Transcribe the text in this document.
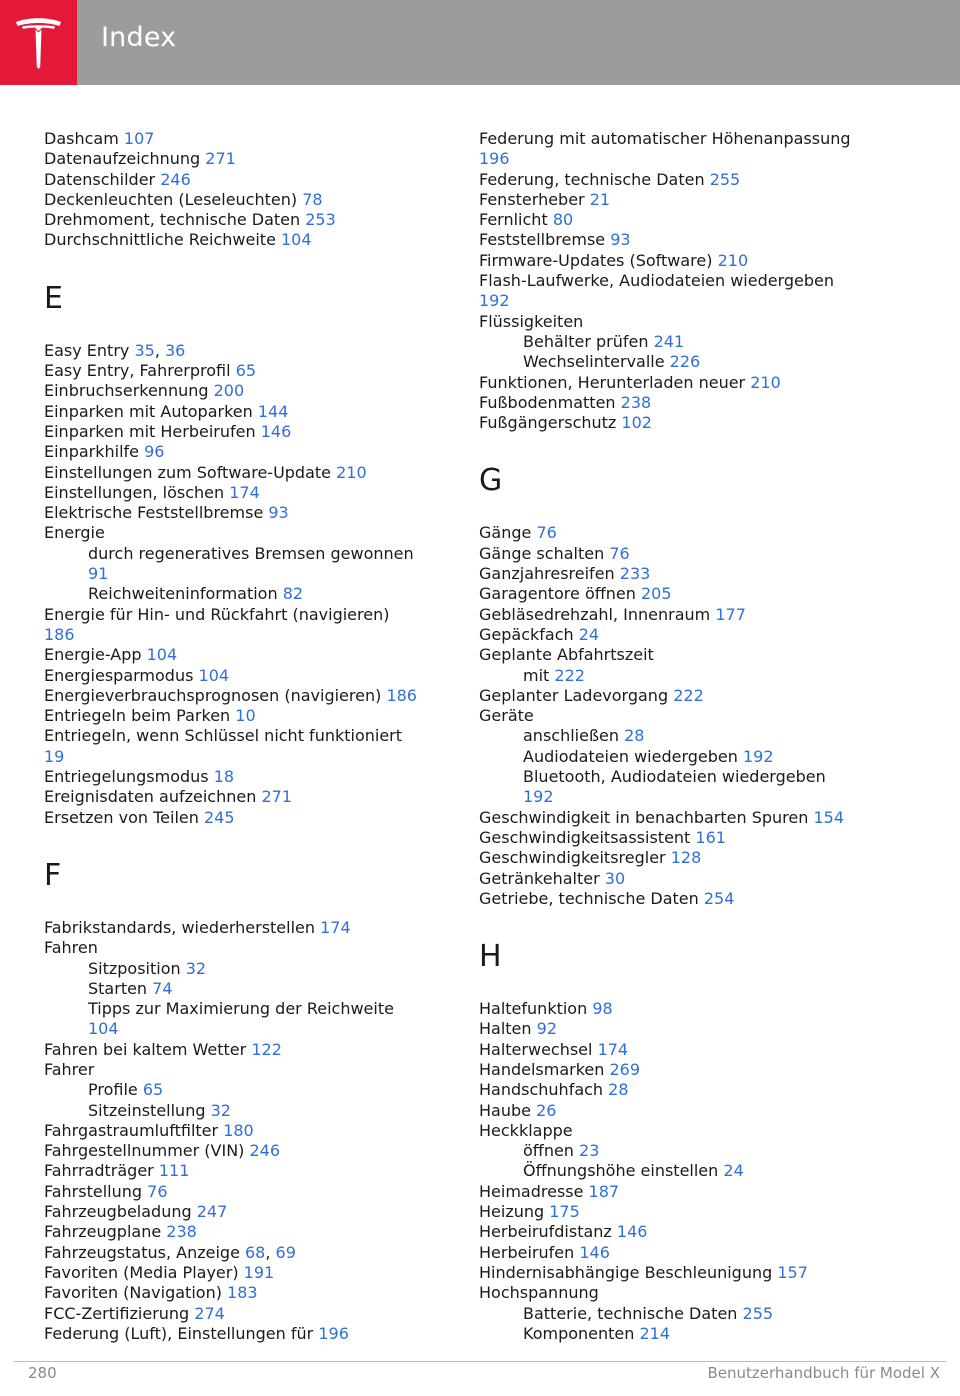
Index
Dashcam 107
Datenaufzeichnung 271
Datenschilder 246
Deckenleuchten (Leseleuchten) 78
Drehmoment, technische Daten 253
Durchschnittliche Reichweite 104
E
Easy Entry 35, 36
Easy Entry, Fahrerprofil 65
Einbruchserkennung 200
Einparken mit Autoparken 144
Einparken mit Herbeirufen 146
Einparkhilfe 96
Einstellungen zum Software-Update 210
Einstellungen, löschen 174
Elektrische Feststellbremse 93
Energie
durch regeneratives Bremsen gewonnen
91
Reichweiteninformation 82
Energie für Hin- und Rückfahrt (navigieren)
186
Energie-App 104
Energiesparmodus 104
Energieverbrauchsprognosen (navigieren) 186
Entriegeln beim Parken 10
Entriegeln, wenn Schlüssel nicht funktioniert
19
Entriegelungsmodus 18
Ereignisdaten aufzeichnen 271
Ersetzen von Teilen 245
F
Fabrikstandards, wiederherstellen 174
Fahren
Sitzposition 32
Starten 74
Tipps zur Maximierung der Reichweite
104
Fahren bei kaltem Wetter 122
Fahrer
Profile 65
Sitzeinstellung 32
Fahrgastraumluftfilter 180
Fahrgestellnummer (VIN) 246
Fahrradträger 111
Fahrstellung 76
Fahrzeugbeladung 247
Fahrzeugplane 238
Fahrzeugstatus, Anzeige 68, 69
Favoriten (Media Player) 191
Favoriten (Navigation) 183
FCC-Zertifizierung 274
Federung (Luft), Einstellungen für 196
Federung mit automatischer Höhenanpassung
196
Federung, technische Daten 255
Fensterheber 21
Fernlicht 80
Feststellbremse 93
Firmware-Updates (Software) 210
Flash-Laufwerke, Audiodateien wiedergeben
192
Flüssigkeiten
Behälter prüfen 241
Wechselintervalle 226
Funktionen, Herunterladen neuer 210
Fußbodenmatten 238
Fußgängerschutz 102
G
Gänge 76
Gänge schalten 76
Ganzjahresreifen 233
Garagentore öffnen 205
Gebläsedrehzahl, Innenraum 177
Gepäckfach 24
Geplante Abfahrtszeit
mit 222
Geplanter Ladevorgang 222
Geräte
anschließen 28
Audiodateien wiedergeben 192
Bluetooth, Audiodateien wiedergeben
192
Geschwindigkeit in benachbarten Spuren 154
Geschwindigkeitsassistent 161
Geschwindigkeitsregler 128
Getränkehalter 30
Getriebe, technische Daten 254
H
Haltefunktion 98
Halten 92
Halterwechsel 174
Handelsmarken 269
Handschuhfach 28
Haube 26
Heckklappe
öffnen 23
Öffnungshöhe einstellen 24
Heimadresse 187
Heizung 175
Herbeirufdistanz 146
Herbeirufen 146
Hindernisabhängige Beschleunigung 157
Hochspannung
Batterie, technische Daten 255
Komponenten 214
280	Benutzerhandbuch für Model X
